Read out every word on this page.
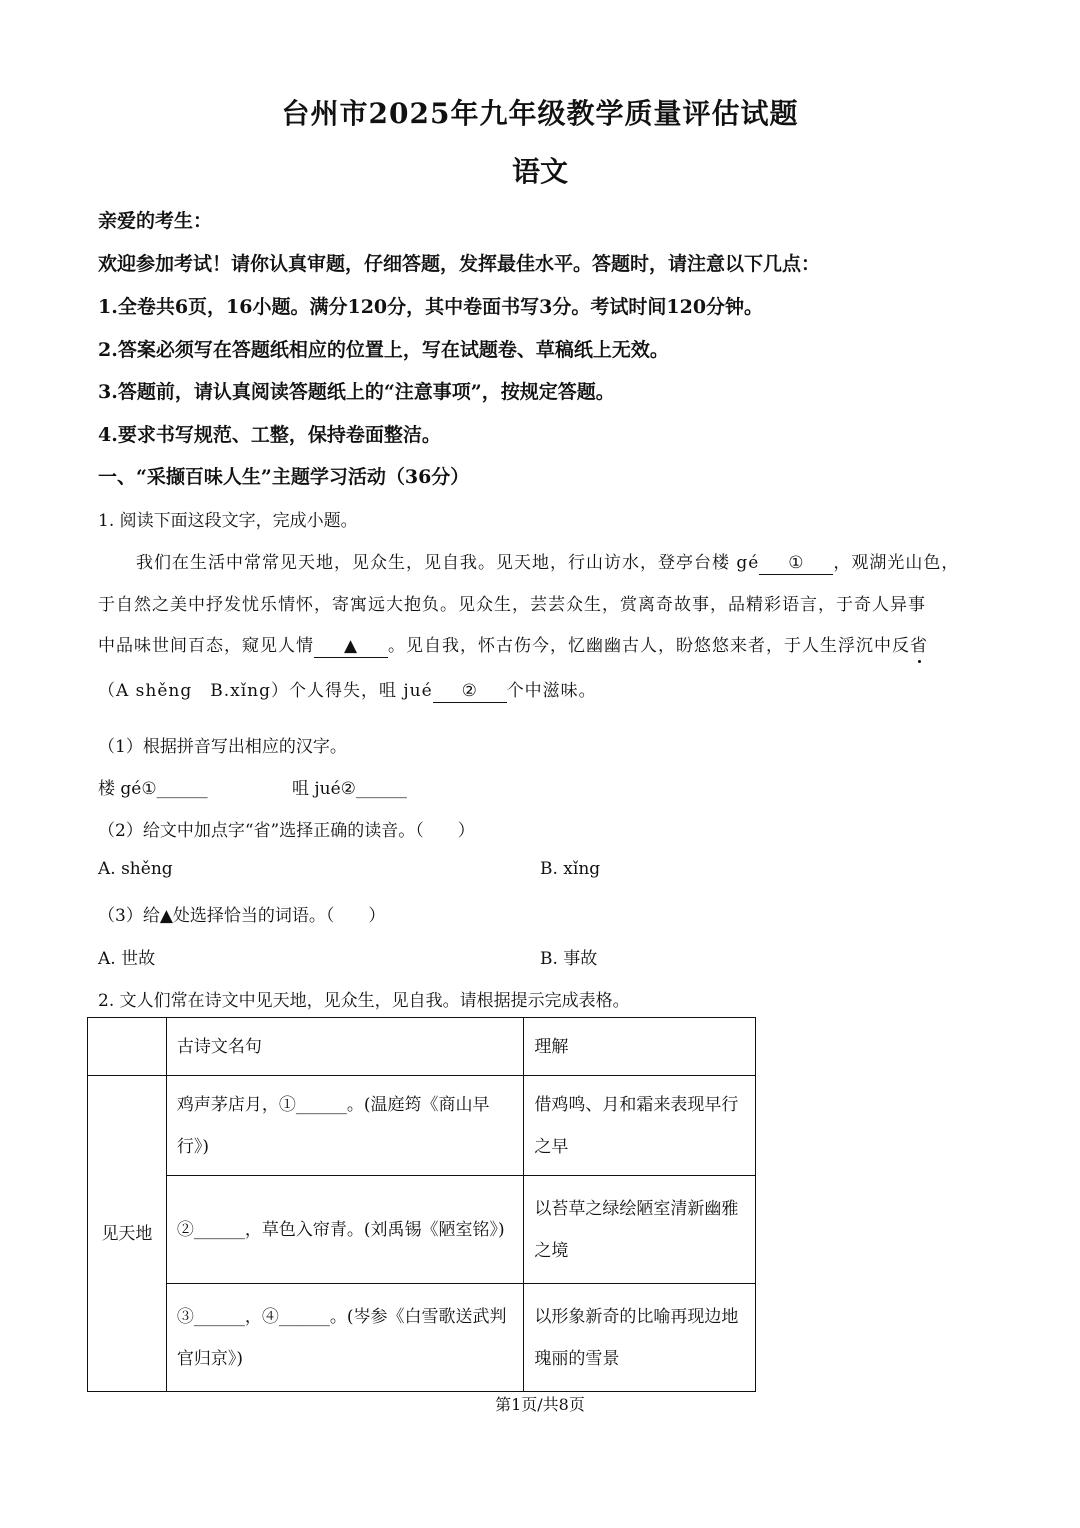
台州市2025年九年级教学质量评估试题
语文
亲爱的考生：
欢迎参加考试！请你认真审题，仔细答题，发挥最佳水平。答题时，请注意以下几点：
1.全卷共6页，16小题。满分120分，其中卷面书写3分。考试时间120分钟。
2.答案必须写在答题纸相应的位置上，写在试题卷、草稿纸上无效。
3.答题前，请认真阅读答题纸上的“注意事项”，按规定答题。
4.要求书写规范、工整，保持卷面整洁。
一、“采撷百味人生”主题学习活动（36分）
1. 阅读下面这段文字，完成小题。
我们在生活中常常见天地，见众生，见自我。见天地，行山访水，登亭台楼 gé ① ，观湖光山色，
于自然之美中抒发忧乐情怀，寄寓远大抱负。见众生，芸芸众生，赏离奇故事，品精彩语言，于奇人异事
中品味世间百态，窥见人情 ▲ 。见自我，怀古伤今，忆幽幽古人，盼悠悠来者，于人生浮沉中反省
（A shěng　B.xǐng）个人得失，咀 jué ② 个中滋味。
（1）根据拼音写出相应的汉字。
楼 gé①______	咀 jué②______
（2）给文中加点字“省”选择正确的读音。（　　）
A. shěng	B. xǐng
（3）给▲处选择恰当的词语。（　　）
A. 世故	B. 事故
2. 文人们常在诗文中见天地，见众生，见自我。请根据提示完成表格。
	古诗文名句	理解
见天地	鸡声茅店月，①______。(温庭筠《商山早行》)	借鸡鸣、月和霜来表现早行之早
	②______，草色入帘青。(刘禹锡《陋室铭》)	以苔草之绿绘陋室清新幽雅之境
	③______，④______。(岑参《白雪歌送武判官归京》)	以形象新奇的比喻再现边地瑰丽的雪景
第1页/共8页
